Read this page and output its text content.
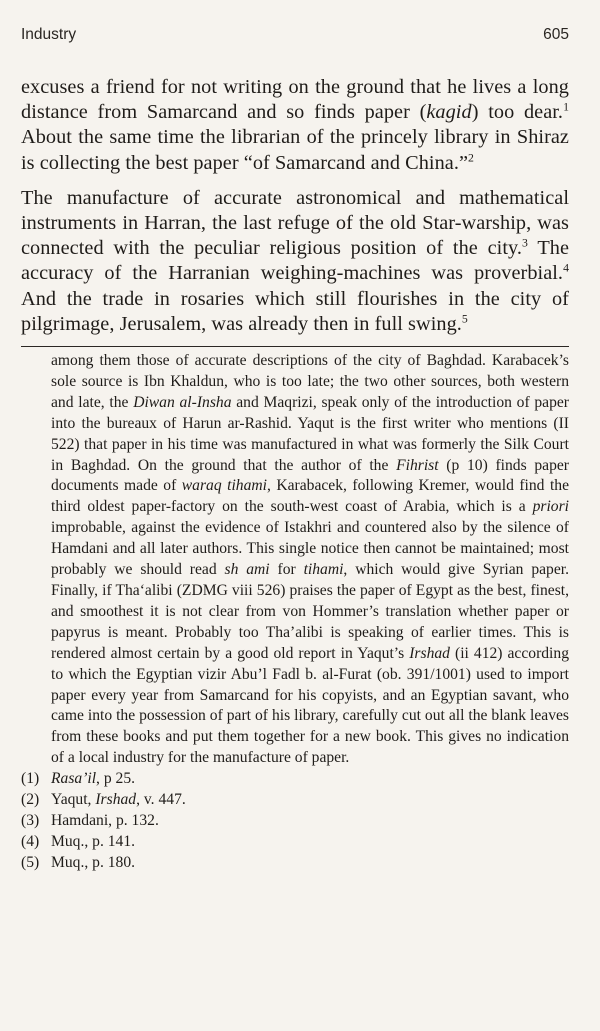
Industry	605

excuses a friend for not writing on the ground that he lives a long distance from Samarcand and so finds paper (kagid) too dear.$^1$ About the same time the librarian of the princely library in Shiraz is collecting the best paper “of Samarcand and China.”$^2$

The manufacture of accurate astronomical and mathematical instruments in Harran, the last refuge of the old Star-warship, was connected with the peculiar religious position of the city.$^3$ The accuracy of the Harranian weighing-machines was proverbial.$^4$ And the trade in rosaries which still flourishes in the city of pilgrimage, Jerusalem, was already then in full swing.$^5$

among them those of accurate descriptions of the city of Baghdad. Karabacek’s sole source is Ibn Khaldun, who is too late; the two other sources, both western and late, the Diwan al-Insha and Maqrizi, speak only of the introduction of paper into the bureaux of Harun ar-Rashid. Yaqut is the first writer who mentions (II 522) that paper in his time was manufactured in what was formerly the Silk Court in Baghdad. On the ground that the author of the Fihrist (p 10) finds paper documents made of waraq tihami, Karabacek, following Kremer, would find the third oldest paper-factory on the south-west coast of Arabia, which is a priori improbable, against the evidence of Istakhri and countered also by the silence of Hamdani and all later authors. This single notice then cannot be maintained; most probably we should read sh ami for tihami, which would give Syrian paper. Finally, if Tha‘alibi (ZDMG viii 526) praises the paper of Egypt as the best, finest, and smoothest it is not clear from von Hommer’s translation whether paper or papyrus is meant. Probably too Tha’alibi is speaking of earlier times. This is rendered almost certain by a good old report in Yaqut’s Irshad (ii 412) according to which the Egyptian vizir Abu’l Fadl b. al-Furat (ob. 391/1001) used to import paper every year from Samarcand for his copyists, and an Egyptian savant, who came into the possession of part of his library, carefully cut out all the blank leaves from these books and put them together for a new book. This gives no indication of a local industry for the manufacture of paper.

(1) Rasa’il, p 25.
(2) Yaqut, Irshad, v. 447.
(3) Hamdani, p. 132.
(4) Muq., p. 141.
(5) Muq., p. 180.
